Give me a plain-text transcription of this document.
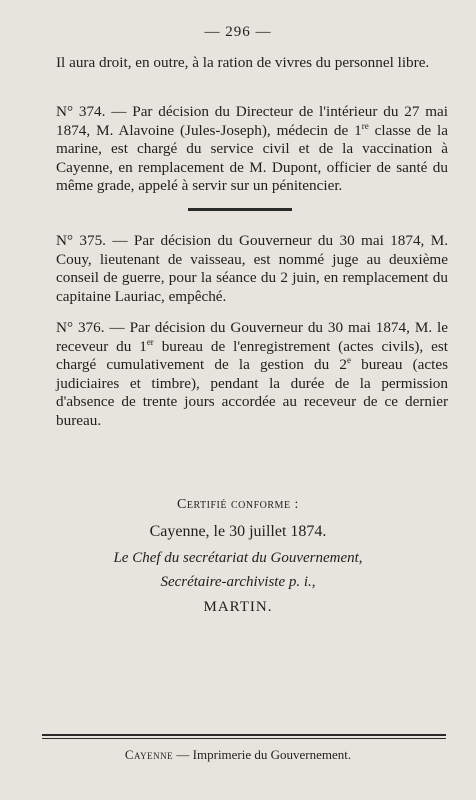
— 296 —

Il aura droit, en outre, à la ration de vivres du personnel libre.

N° 374. — Par décision du Directeur de l'intérieur du 27 mai 1874, M. Alavoine (Jules-Joseph), médecin de 1re classe de la marine, est chargé du service civil et de la vaccination à Cayenne, en remplacement de M. Dupont, officier de santé du même grade, appelé à servir sur un pénitencier.

N° 375. — Par décision du Gouverneur du 30 mai 1874, M. Couy, lieutenant de vaisseau, est nommé juge au deuxième conseil de guerre, pour la séance du 2 juin, en remplacement du capitaine Lauriac, empêché.

N° 376. — Par décision du Gouverneur du 30 mai 1874, M. le receveur du 1er bureau de l'enregistrement (actes civils), est chargé cumulativement de la gestion du 2e bureau (actes judiciaires et timbre), pendant la durée de la permission d'absence de trente jours accordée au receveur de ce dernier bureau.

Certifié conforme :
Cayenne, le 30 juillet 1874.
Le Chef du secrétariat du Gouvernement,
Secrétaire-archiviste p. i.,
MARTIN.
Cayenne — Imprimerie du Gouvernement.
